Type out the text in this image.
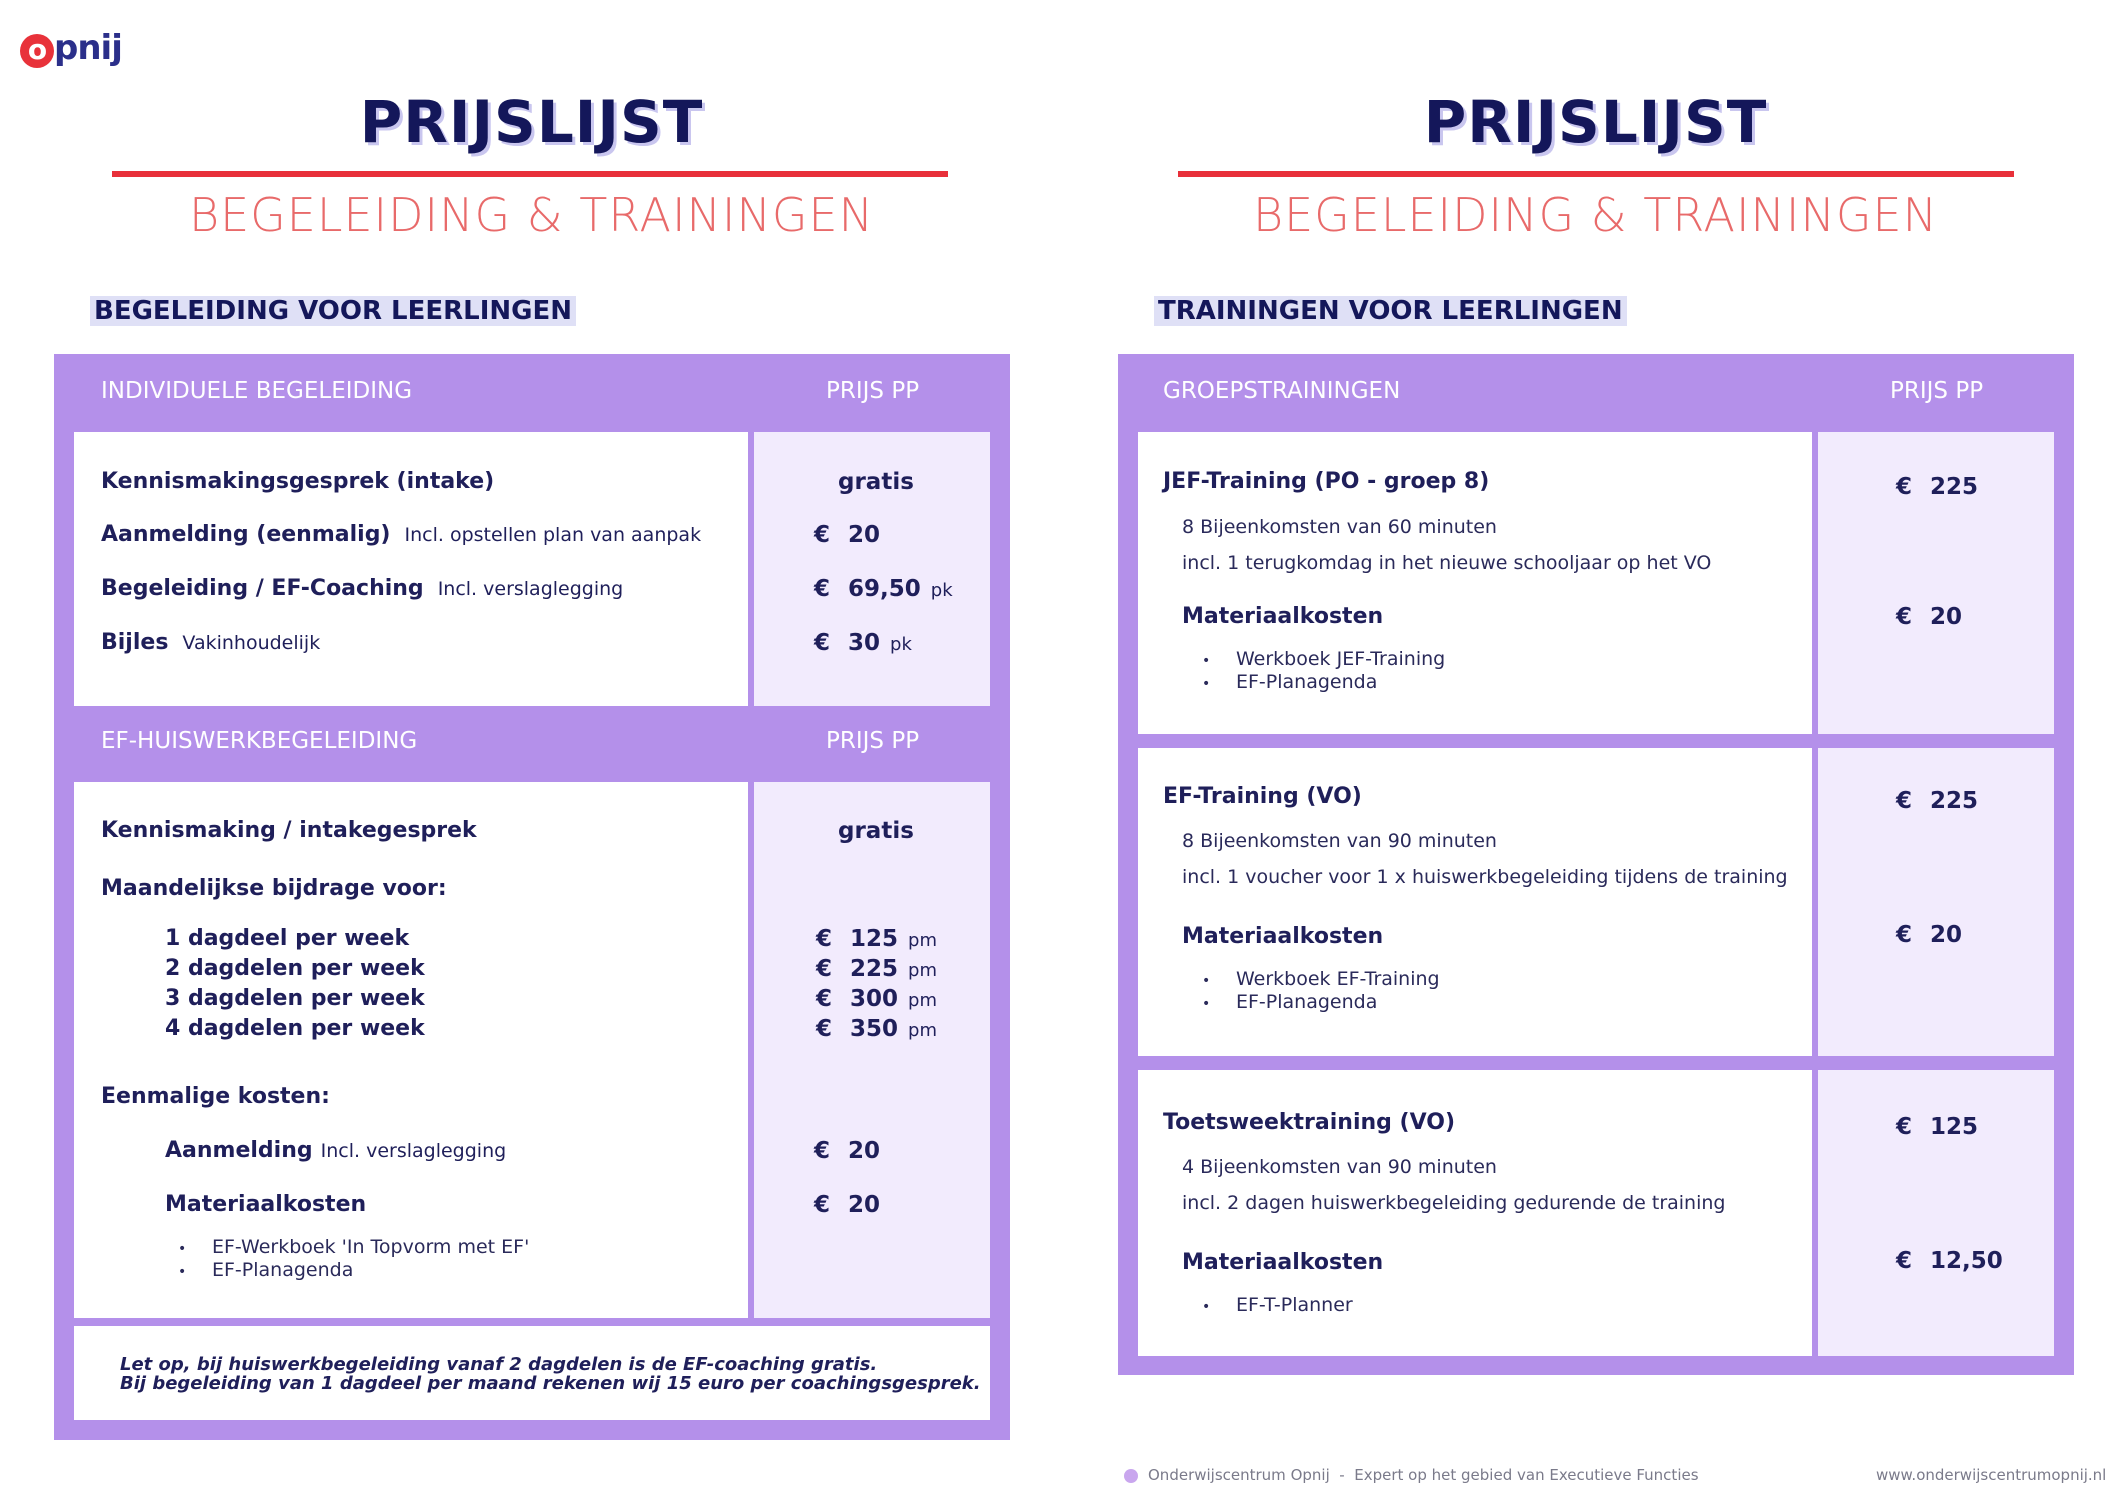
o pnij
PRIJSLIJST
BEGELEIDING & TRAININGEN
BEGELEIDING VOOR LEERLINGEN
INDIVIDUELE BEGELEIDING	PRIJS PP
Kennismakingsgesprek (intake)	gratis
Aanmelding (eenmalig) Incl. opstellen plan van aanpak	€ 20
Begeleiding / EF-Coaching Incl. verslaglegging	€ 69,50 pk
Bijles Vakinhoudelijk	€ 30 pk
EF-HUISWERKBEGELEIDING	PRIJS PP
Kennismaking / intakegesprek	gratis
Maandelijkse bijdrage voor:
1 dagdeel per week	€ 125 pm
2 dagdelen per week	€ 225 pm
3 dagdelen per week	€ 300 pm
4 dagdelen per week	€ 350 pm
Eenmalige kosten:
Aanmelding Incl. verslaglegging	€ 20
Materiaalkosten	€ 20
• EF-Werkboek 'In Topvorm met EF'
• EF-Planagenda
Let op, bij huiswerkbegeleiding vanaf 2 dagdelen is de EF-coaching gratis.
Bij begeleiding van 1 dagdeel per maand rekenen wij 15 euro per coachingsgesprek.
PRIJSLIJST
BEGELEIDING & TRAININGEN
TRAININGEN VOOR LEERLINGEN
GROEPSTRAININGEN	PRIJS PP
JEF-Training (PO - groep 8)	€ 225
8 Bijeenkomsten van 60 minuten
incl. 1 terugkomdag in het nieuwe schooljaar op het VO
Materiaalkosten	€ 20
• Werkboek JEF-Training
• EF-Planagenda
EF-Training (VO)	€ 225
8 Bijeenkomsten van 90 minuten
incl. 1 voucher voor 1 x huiswerkbegeleiding tijdens de training
Materiaalkosten	€ 20
• Werkboek EF-Training
• EF-Planagenda
Toetsweektraining (VO)	€ 125
4 Bijeenkomsten van 90 minuten
incl. 2 dagen huiswerkbegeleiding gedurende de training
Materiaalkosten	€ 12,50
• EF-T-Planner
Onderwijscentrum Opnij - Expert op het gebied van Executieve Functies	www.onderwijscentrumopnij.nl
